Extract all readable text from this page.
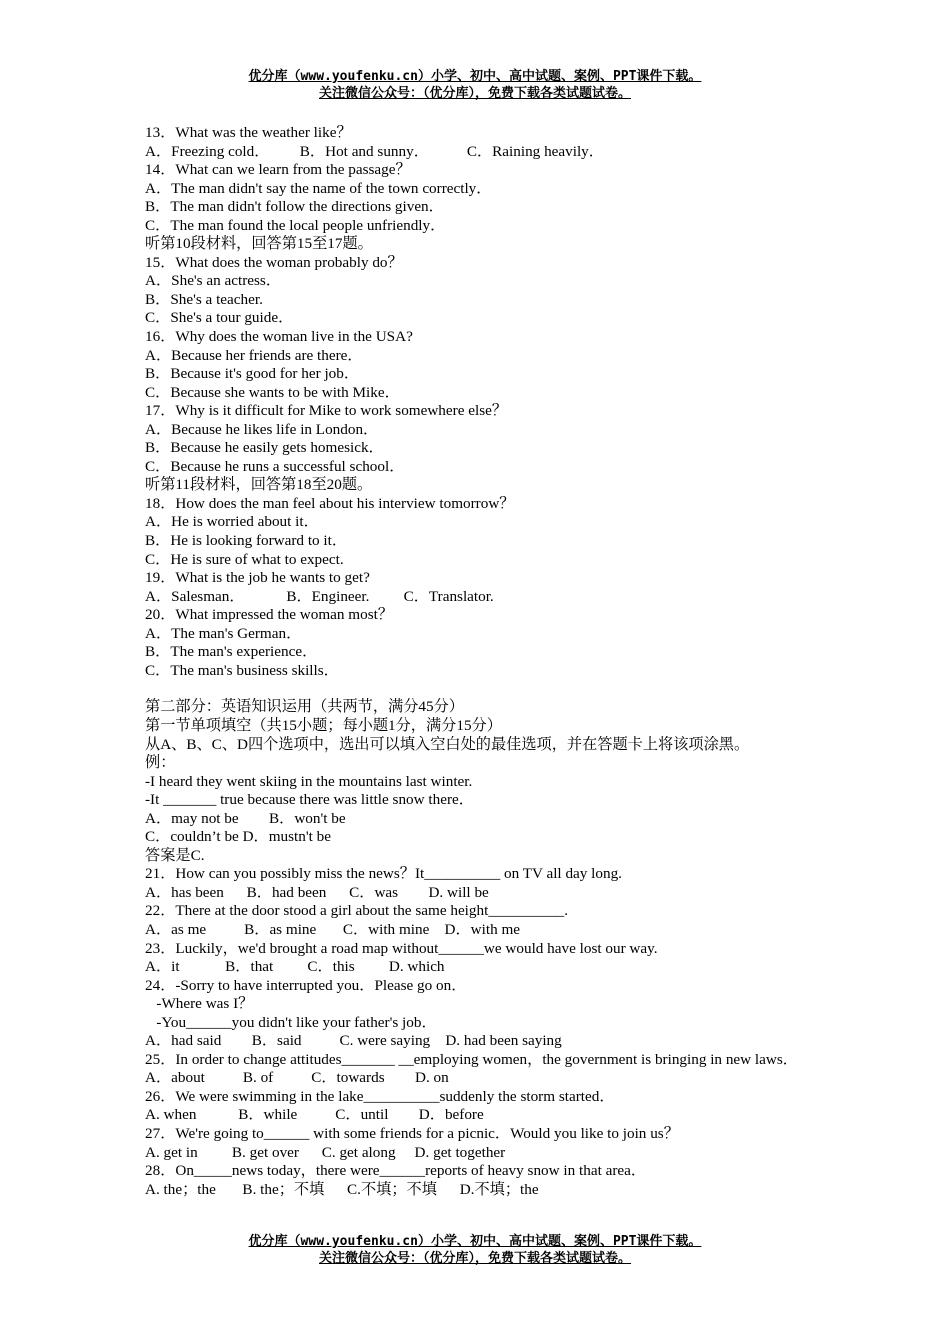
优分库（www.youfenku.cn）小学、初中、高中试题、案例、PPT课件下载。
关注微信公众号：（优分库），免费下载各类试题试卷。
13．What was the weather like？
A．Freezing cold．        B．Hot and sunny．          C．Raining heavily．
14．What can we learn from the passage？
A．The man didn't say the name of the town correctly．
B．The man didn't follow the directions given．
C．The man found the local people unfriendly．
听第10段材料，回答第15至17题。
15．What does the woman probably do？
A．She's an actress．
B．She's a teacher.
C．She's a tour guide．
16．Why does the woman live in the USA?
A．Because her friends are there．
B．Because it's good for her job．
C．Because she wants to be with Mike．
17．Why is it difficult for Mike to work somewhere else？
A．Because he likes life in London．
B．Because he easily gets homesick．
C．Because he runs a successful school．
听第11段材料，回答第18至20题。
18．How does the man feel about his interview tomorrow？
A．He is worried about it．
B．He is looking forward to it．
C．He is sure of what to expect.
19．What is the job he wants to get?
A．Salesman．           B．Engineer.         C．Translator.
20．What impressed the woman most？
A．The man's German．
B．The man's experience．
C．The man's business skills．
第二部分：英语知识运用（共两节，满分45分）
第一节单项填空（共15小题；每小题1分，满分15分）
从A、B、C、D四个选项中，选出可以填入空白处的最佳选项，并在答题卡上将该项涂黑。
例：
-I heard they went skiing in the mountains last winter.
-It _______ true because there was little snow there．
A．may not be        B．won't be
C．couldn’t be D．mustn't be
答案是C.
21．How can you possibly miss the news？It__________ on TV all day long.
A．has been      B．had been      C．was        D. will be
22．There at the door stood a girl about the same height__________.
A．as me          B．as mine       C．with mine    D．with me
23．Luckily，we'd brought a road map without______we would have lost our way.
A．it            B．that         C．this         D. which
24．-Sorry to have interrupted you．Please go on．
-Where was I？
-You______you didn't like your father's job．
A．had said        B．said          C. were saying    D. had been saying
25．In order to change attitudes_______ __employing women，the government is bringing in new laws．
A．about          B. of          C．towards        D. on
26．We were swimming in the lake__________suddenly the storm started．
A. when           B．while          C．until        D．before
27．We're going to______ with some friends for a picnic．Would you like to join us？
A. get in         B. get over      C. get along     D. get together
28．On_____news today，there were______reports of heavy snow in that area．
A. the；the       B. the；不填      C.不填；不填      D.不填；the
优分库（www.youfenku.cn）小学、初中、高中试题、案例、PPT课件下载。
关注微信公众号：（优分库），免费下载各类试题试卷。
